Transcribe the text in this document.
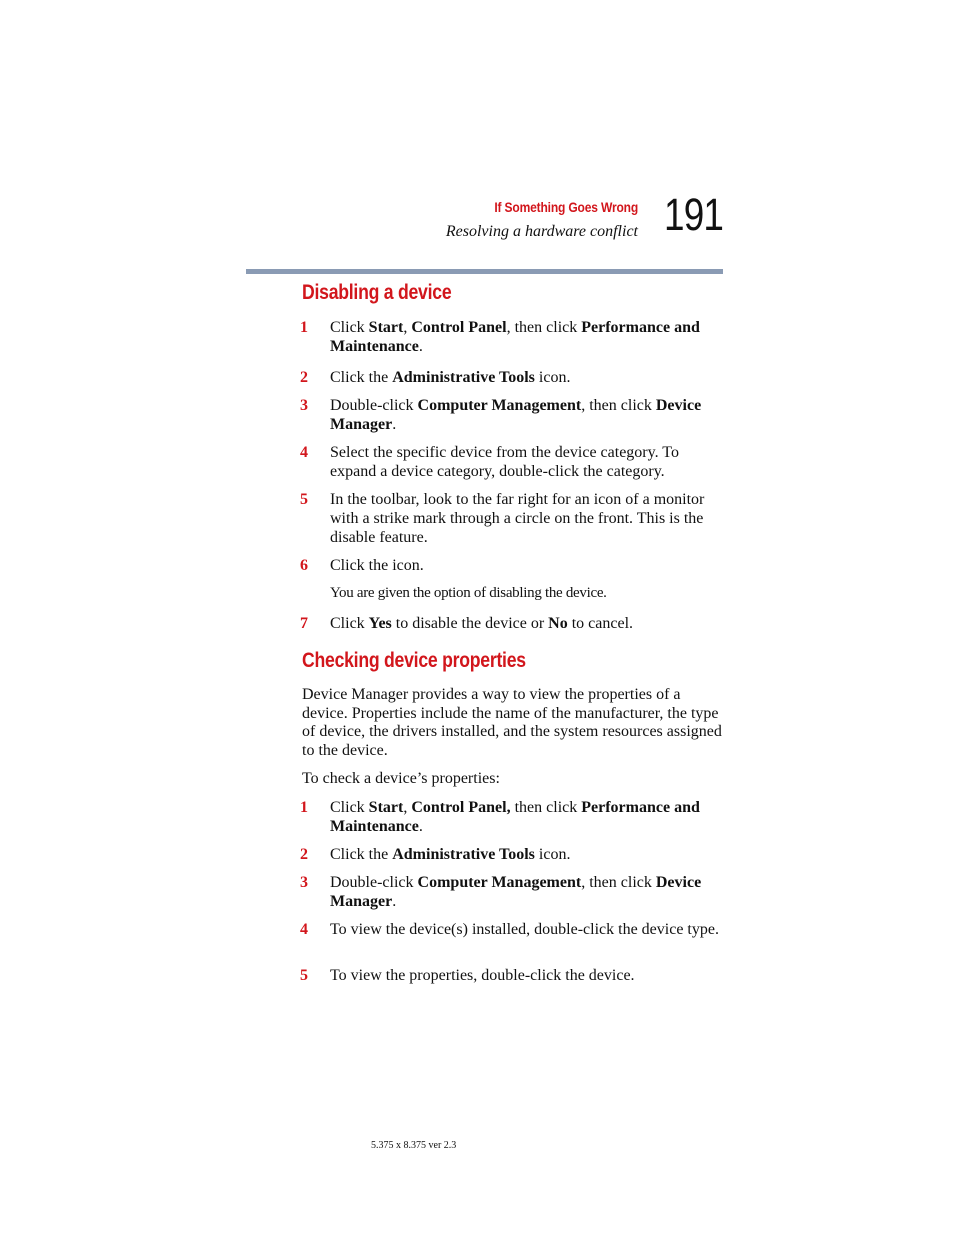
If Something Goes Wrong
Resolving a hardware conflict 191
Disabling a device
1	Click Start, Control Panel, then click Performance and Maintenance.
2	Click the Administrative Tools icon.
3	Double-click Computer Management, then click Device Manager.
4	Select the specific device from the device category. To expand a device category, double-click the category.
5	In the toolbar, look to the far right for an icon of a monitor with a strike mark through a circle on the front. This is the disable feature.
6	Click the icon.
You are given the option of disabling the device.
7	Click Yes to disable the device or No to cancel.
Checking device properties
Device Manager provides a way to view the properties of a device. Properties include the name of the manufacturer, the type of device, the drivers installed, and the system resources assigned to the device.
To check a device’s properties:
1	Click Start, Control Panel, then click Performance and Maintenance.
2	Click the Administrative Tools icon.
3	Double-click Computer Management, then click Device Manager.
4	To view the device(s) installed, double-click the device type.
5	To view the properties, double-click the device.
5.375 x 8.375 ver 2.3
